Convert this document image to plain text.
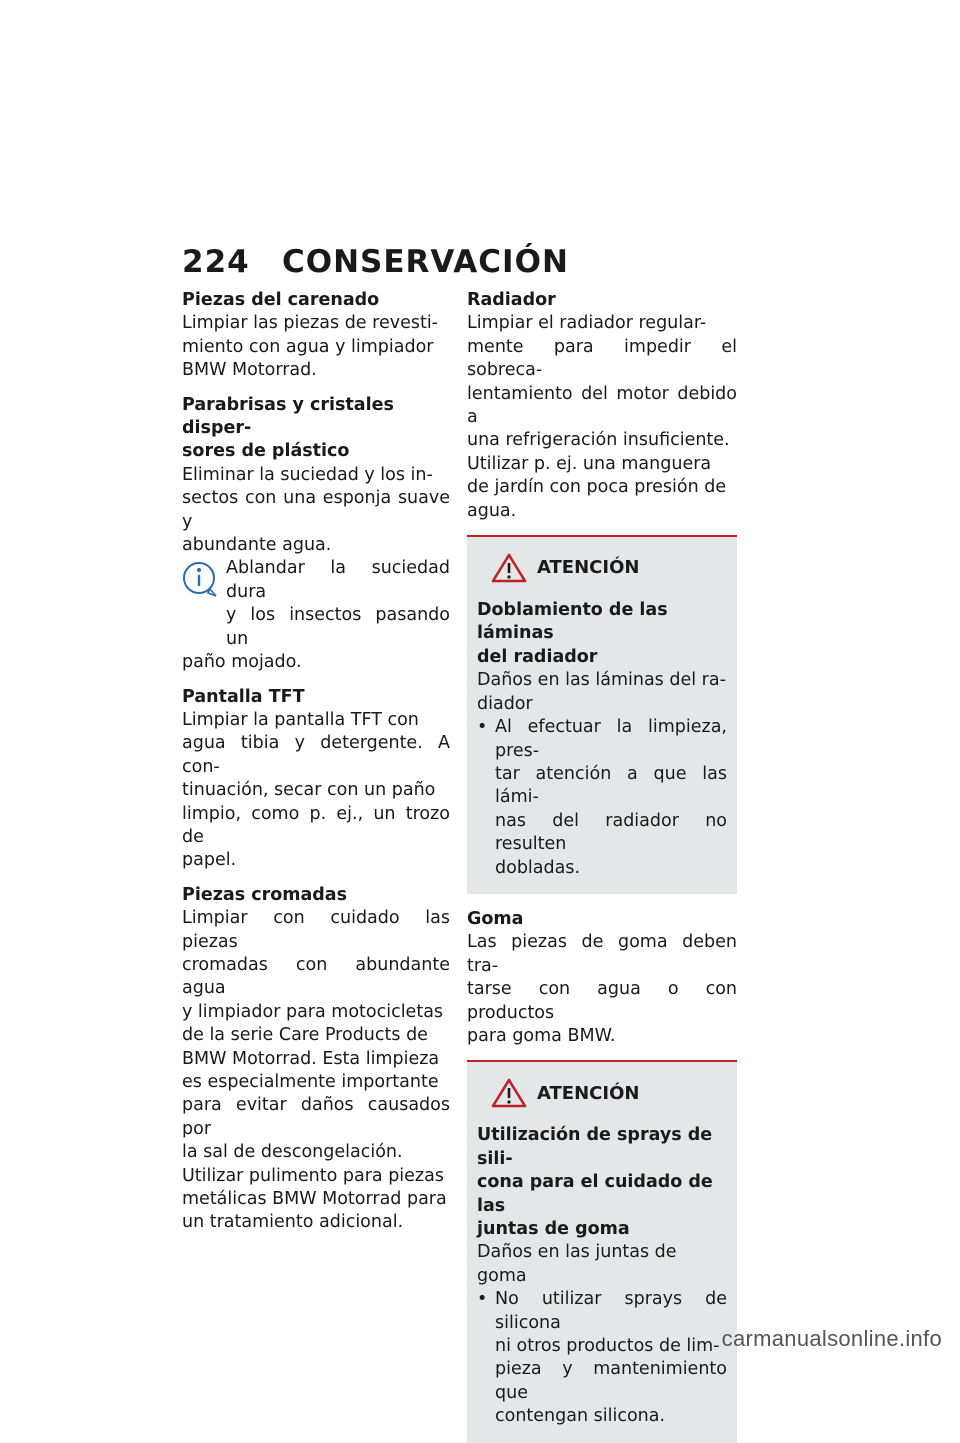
224 CONSERVACIÓN

Piezas del carenado

Limpiar las piezas de revesti-

miento con agua y limpiador

BMW Motorrad.

Parabrisas y cristales disper-

sores de plástico

Eliminar la suciedad y los in-

sectos con una esponja suave y

abundante agua.

Ablandar la suciedad dura

y los insectos pasando un

paño mojado.

Pantalla TFT

Limpiar la pantalla TFT con

agua tibia y detergente. A con-

tinuación, secar con un paño

limpio, como p. ej., un trozo de

papel.

Piezas cromadas

Limpiar con cuidado las piezas

cromadas con abundante agua

y limpiador para motocicletas

de la serie Care Products de

BMW Motorrad. Esta limpieza

es especialmente importante

para evitar daños causados por

la sal de descongelación.

Utilizar pulimento para piezas

metálicas BMW Motorrad para

un tratamiento adicional.

Radiador

Limpiar el radiador regular-

mente para impedir el sobreca-

lentamiento del motor debido a

una refrigeración insuficiente.

Utilizar p. ej. una manguera

de jardín con poca presión de

agua.

ATENCIÓN

Doblamiento de las láminas

del radiador

Daños en las láminas del ra-

diador

• Al efectuar la limpieza, pres-

tar atención a que las lámi-

nas del radiador no resulten

dobladas.

Goma

Las piezas de goma deben tra-

tarse con agua o con productos

para goma BMW.

ATENCIÓN

Utilización de sprays de sili-

cona para el cuidado de las

juntas de goma

Daños en las juntas de goma

• No utilizar sprays de silicona

ni otros productos de lim-

pieza y mantenimiento que

contengan silicona.

carmanualsonline.info
